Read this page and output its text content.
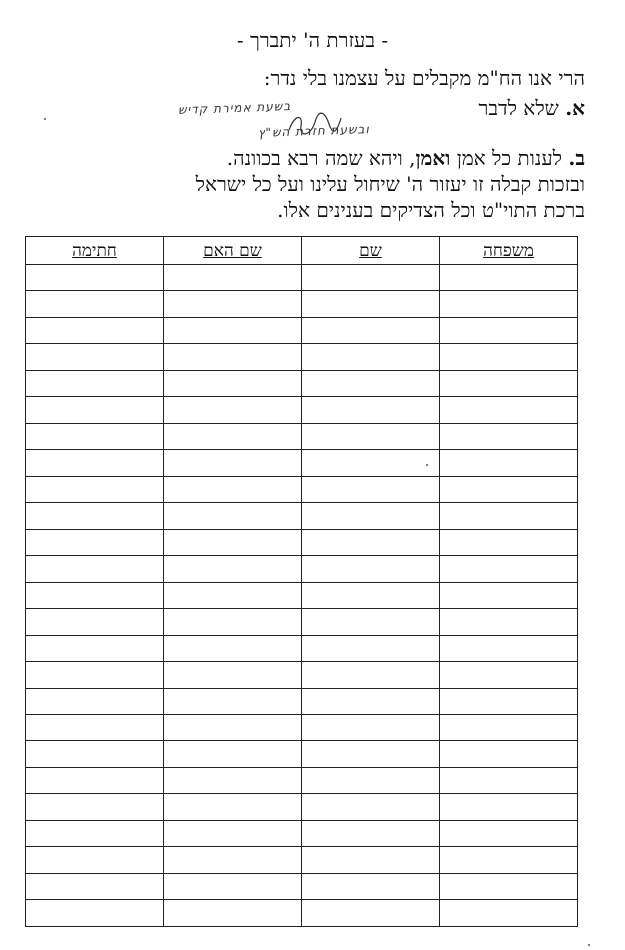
- בעזרת ה' יתברך -
הרי אנו הח"מ מקבלים על עצמנו בלי נדר:
א. שלא לדבר
בשעת אמירת קדיש
ובשעת חזרת הש"ץ
ב. לענות כל אמן ואמן, ויהא שמה רבא בכוונה.
ובזכות קבלה זו יעזור ה' שיחול עלינו ועל כל ישראל
ברכת התוי"ט וכל הצדיקים בענינים אלו.
משפחה	שם	שם האם	חתימה
